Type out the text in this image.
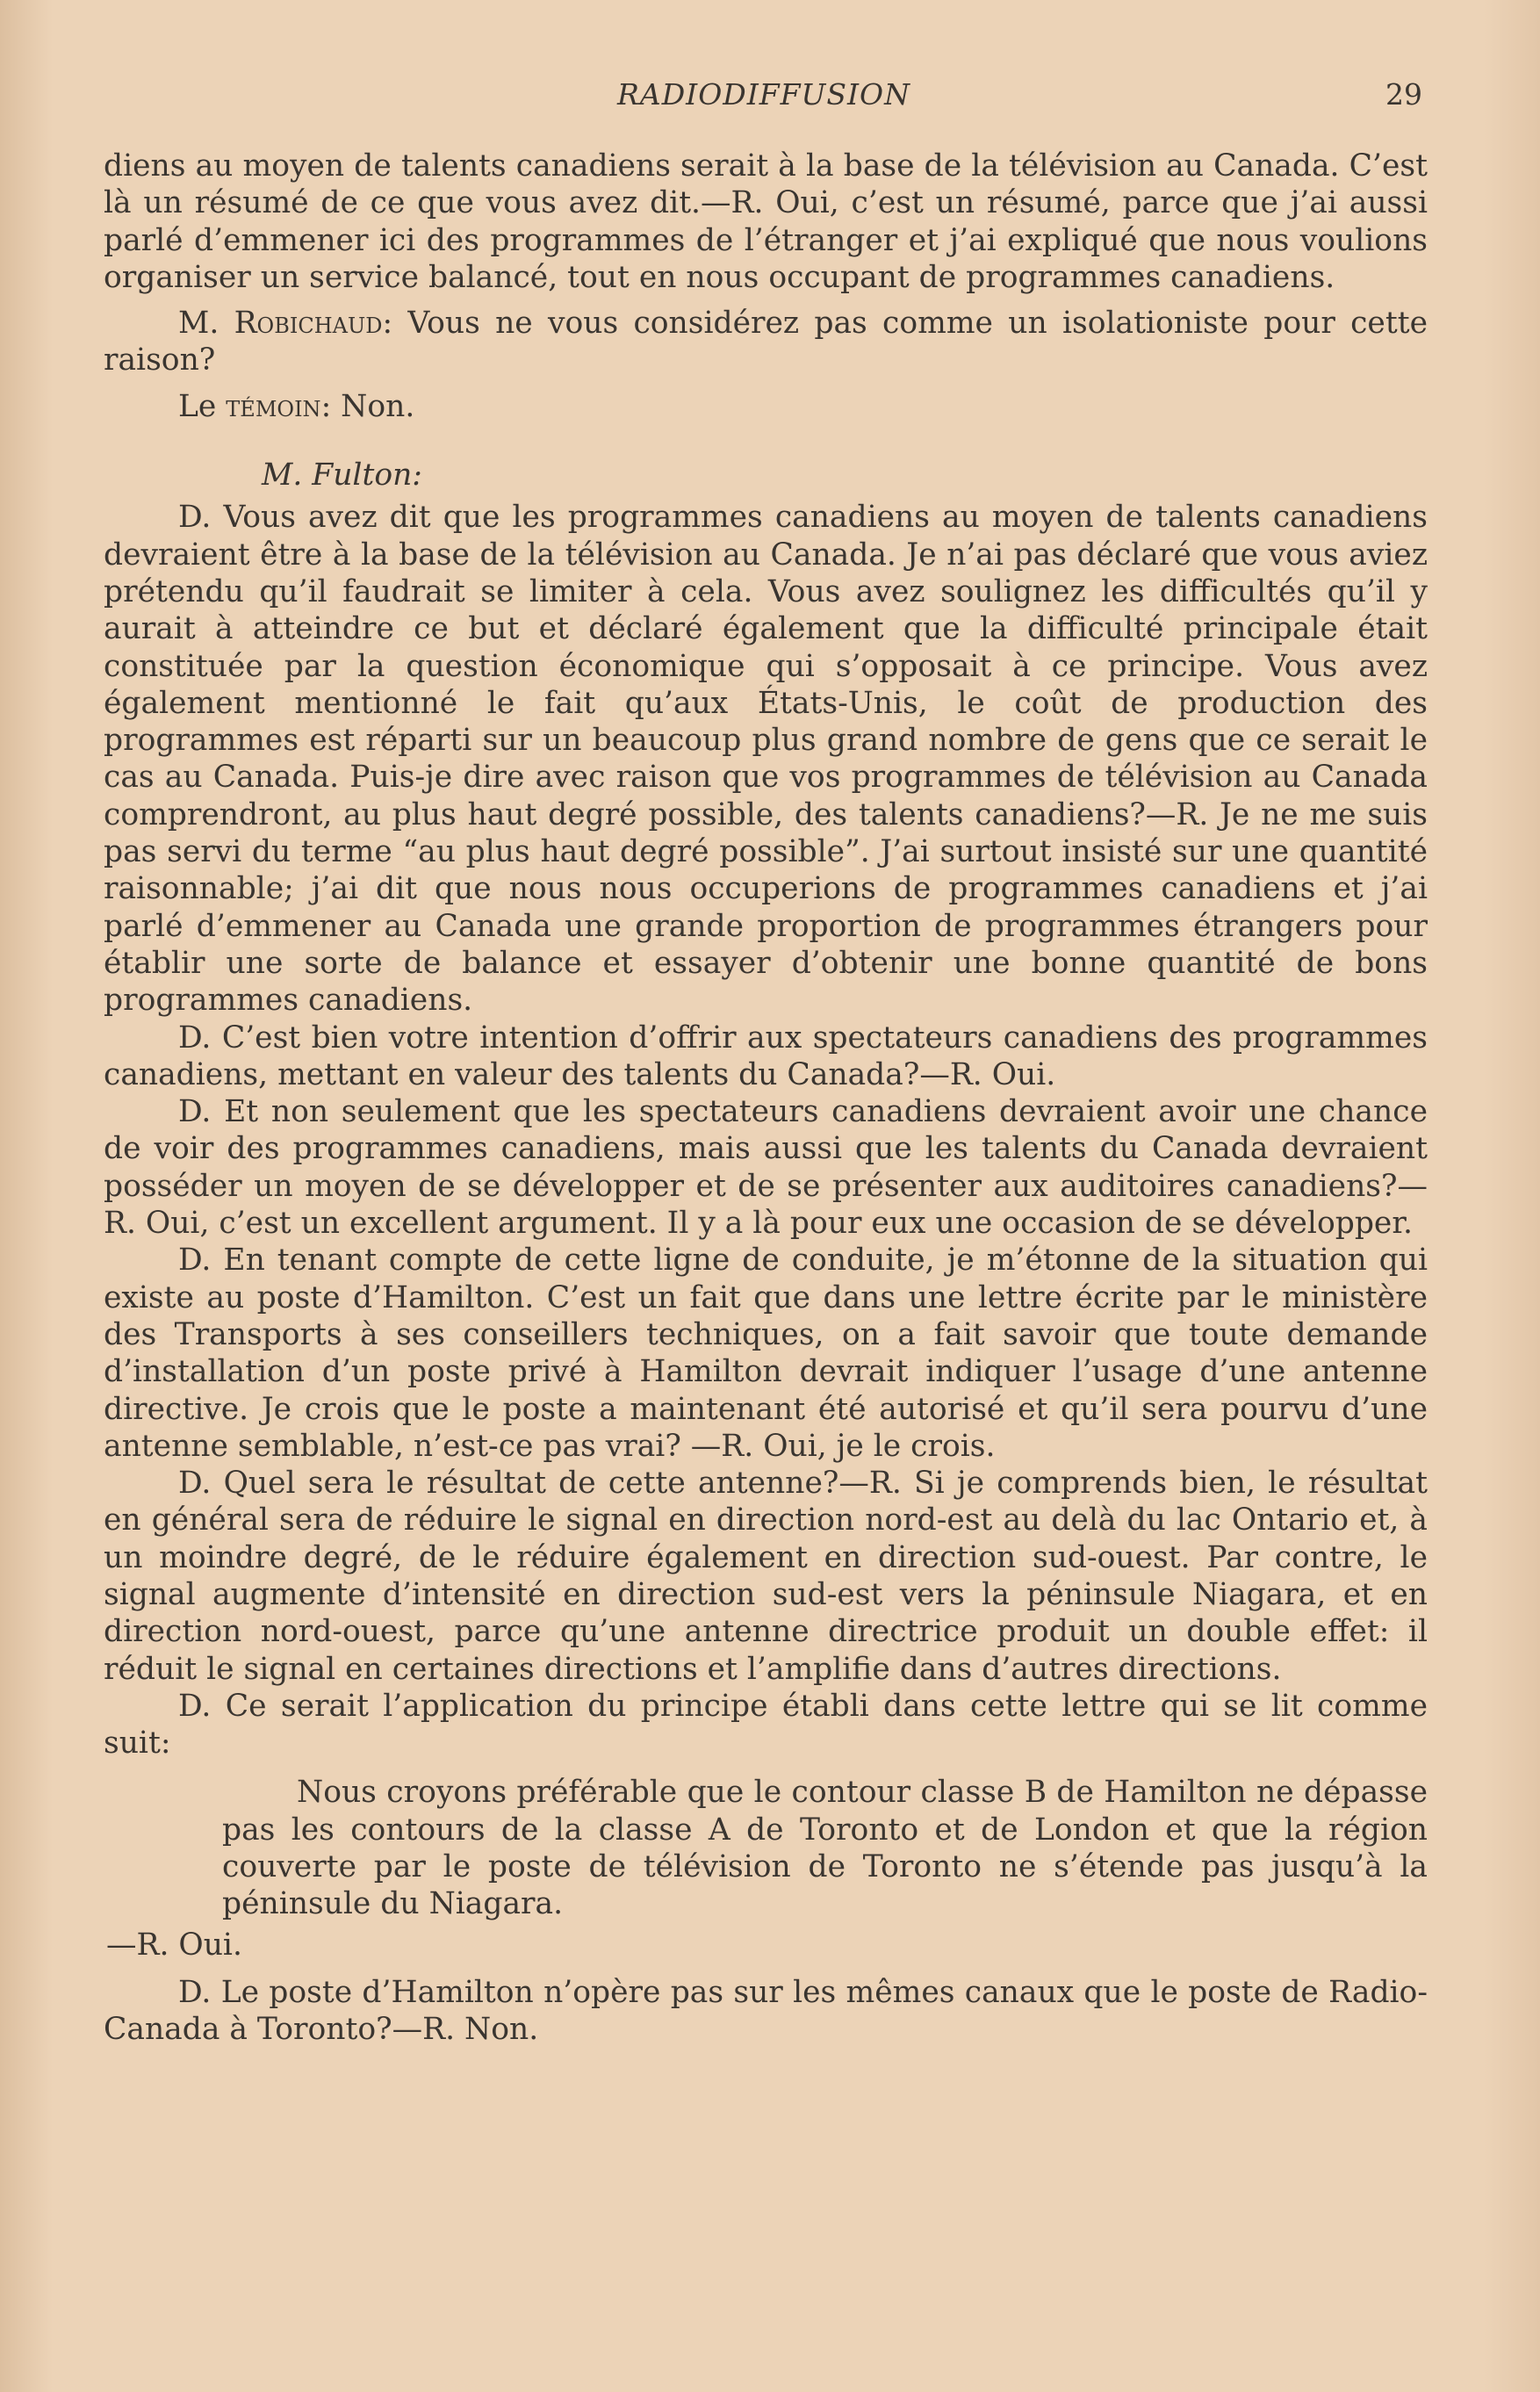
RADIODIFFUSION	29

diens au moyen de talents canadiens serait à la base de la télévision au Canada. C’est là un résumé de ce que vous avez dit.—R. Oui, c’est un résumé, parce que j’ai aussi parlé d’emmener ici des programmes de l’étranger et j’ai expliqué que nous voulions organiser un service balancé, tout en nous occupant de programmes canadiens.

M. Robichaud: Vous ne vous considérez pas comme un isolationiste pour cette raison?

Le témoin: Non.

M. Fulton:

D. Vous avez dit que les programmes canadiens au moyen de talents canadiens devraient être à la base de la télévision au Canada. Je n’ai pas déclaré que vous aviez prétendu qu’il faudrait se limiter à cela. Vous avez soulignez les difficultés qu’il y aurait à atteindre ce but et déclaré également que la difficulté principale était constituée par la question économique qui s’opposait à ce principe. Vous avez également mentionné le fait qu’aux États-Unis, le coût de production des programmes est réparti sur un beaucoup plus grand nombre de gens que ce serait le cas au Canada. Puis-je dire avec raison que vos programmes de télévision au Canada comprendront, au plus haut degré possible, des talents canadiens?—R. Je ne me suis pas servi du terme “au plus haut degré possible”. J’ai surtout insisté sur une quantité raisonnable; j’ai dit que nous nous occuperions de programmes canadiens et j’ai parlé d’emmener au Canada une grande proportion de programmes étrangers pour établir une sorte de balance et essayer d’obtenir une bonne quantité de bons programmes canadiens.

D. C’est bien votre intention d’offrir aux spectateurs canadiens des programmes canadiens, mettant en valeur des talents du Canada?—R. Oui.

D. Et non seulement que les spectateurs canadiens devraient avoir une chance de voir des programmes canadiens, mais aussi que les talents du Canada devraient posséder un moyen de se développer et de se présenter aux auditoires canadiens?—R. Oui, c’est un excellent argument. Il y a là pour eux une occasion de se développer.

D. En tenant compte de cette ligne de conduite, je m’étonne de la situation qui existe au poste d’Hamilton. C’est un fait que dans une lettre écrite par le ministère des Transports à ses conseillers techniques, on a fait savoir que toute demande d’installation d’un poste privé à Hamilton devrait indiquer l’usage d’une antenne directive. Je crois que le poste a maintenant été autorisé et qu’il sera pourvu d’une antenne semblable, n’est-ce pas vrai? —R. Oui, je le crois.

D. Quel sera le résultat de cette antenne?—R. Si je comprends bien, le résultat en général sera de réduire le signal en direction nord-est au delà du lac Ontario et, à un moindre degré, de le réduire également en direction sud-ouest. Par contre, le signal augmente d’intensité en direction sud-est vers la péninsule Niagara, et en direction nord-ouest, parce qu’une antenne directrice produit un double effet: il réduit le signal en certaines directions et l’amplifie dans d’autres directions.

D. Ce serait l’application du principe établi dans cette lettre qui se lit comme suit:

Nous croyons préférable que le contour classe B de Hamilton ne dépasse pas les contours de la classe A de Toronto et de London et que la région couverte par le poste de télévision de Toronto ne s’étende pas jusqu’à la péninsule du Niagara.

—R. Oui.

D. Le poste d’Hamilton n’opère pas sur les mêmes canaux que le poste de Radio-Canada à Toronto?—R. Non.
